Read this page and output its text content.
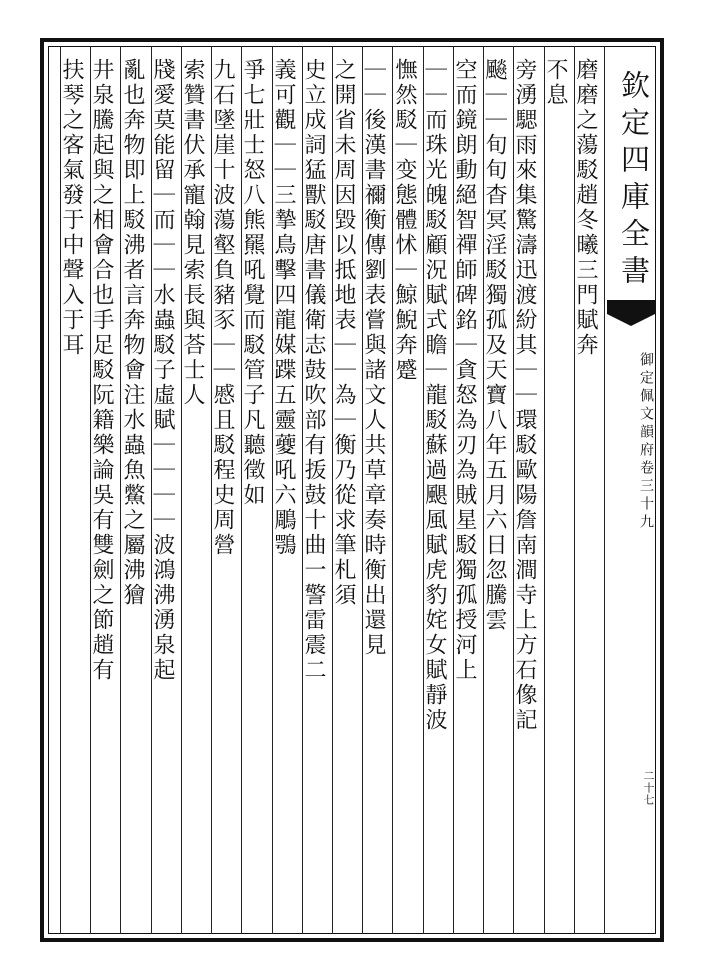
欽定四庫全書
御定佩文韻府卷三十九
二十七
磨磨之蕩駁趙冬曦三門賦奔
不息
旁湧騦雨來集驚濤迅渡紛其｜｜環駁歐陽詹南澗寺上方石像記
飈｜｜旬旬杳冥淫駁獨孤及天寶八年五月六日忽騰雲
空而鏡朗動絕智禪師碑銘｜貪怒為刃為賊星駁獨孤授河上
｜｜而珠光魄駁顧況賦式瞻｜龍駁蘇過颶風賦虎豹姹女賦靜波
憮然駁｜变態體怵｜鯨鯢奔蹙
｜｜後漢書禰衡傳劉表嘗與諸文人共草章奏時衡出還見
之開省未周因毀以抵地表｜｜為｜衡乃從求筆札須
史立成詞猛獸駁唐書儀衛志鼓吹部有㧞鼓十曲一警雷震二
義可觀｜｜三摯鳥擊四龍媒蹀五靈䕫吼六鵰鶚
爭七壯士怒八熊羆吼覺而駁管子凡聽徵如
九石墜崖十波蕩壑負豬豕｜｜慼且駁程史周營
索贊書伏承寵翰見索長與荅士人
牋愛莫能留｜而｜｜水蟲駁子虛賦｜｜｜｜波鴻沸湧泉起
亂也奔物即上駁沸者言奔物會注水蟲魚鱉之屬沸獪
井泉騰起與之相會合也手足駁阮籍樂論吳有雙劍之節趙有
扶琴之客氣發于中聲入于耳
